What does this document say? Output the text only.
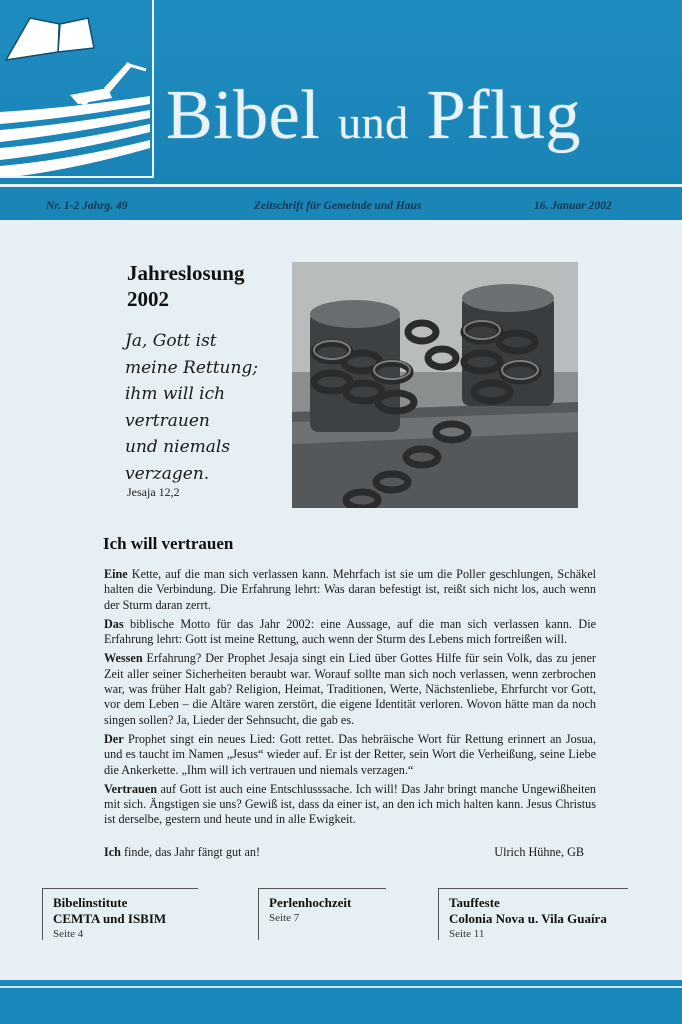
Bibel und Pflug
Nr. 1-2 Jahrg. 49	Zeitschrift für Gemeinde und Haus	16. Januar 2002
Jahreslosung
2002
Ja, Gott ist
meine Rettung;
ihm will ich
vertrauen
und niemals
verzagen.
Jesaja 12,2
Ich will vertrauen

Eine Kette, auf die man sich verlassen kann. Mehrfach ist sie um die Poller geschlungen, Schäkel halten die Verbindung. Die Erfahrung lehrt: Was daran befestigt ist, reißt sich nicht los, auch wenn der Sturm daran zerrt.

Das biblische Motto für das Jahr 2002: eine Aussage, auf die man sich verlassen kann. Die Erfahrung lehrt: Gott ist meine Rettung, auch wenn der Sturm des Lebens mich fortreißen will.

Wessen Erfahrung? Der Prophet Jesaja singt ein Lied über Gottes Hilfe für sein Volk, das zu jener Zeit aller seiner Sicherheiten beraubt war. Worauf sollte man sich noch verlassen, wenn zerbrochen war, was früher Halt gab? Religion, Heimat, Traditionen, Werte, Nächstenliebe, Ehrfurcht vor Gott, vor dem Leben – die Altäre waren zerstört, die eigene Identität verloren. Wovon hätte man da noch singen sollen? Ja, Lieder der Sehnsucht, die gab es.

Der Prophet singt ein neues Lied: Gott rettet. Das hebräische Wort für Rettung erinnert an Josua, und es taucht im Namen „Jesus“ wieder auf. Er ist der Retter, sein Wort die Verheißung, seine Liebe die Ankerkette. „Ihm will ich vertrauen und niemals verzagen.“

Vertrauen auf Gott ist auch eine Entschlusssache. Ich will! Das Jahr bringt manche Ungewißheiten mit sich. Ängstigen sie uns? Gewiß ist, dass da einer ist, an den ich mich halten kann. Jesus Christus ist derselbe, gestern und heute und in alle Ewigkeit.

Ich finde, das Jahr fängt gut an!	Ulrich Hühne, GB
Bibelinstitute
CEMTA und ISBIM
Seite 4
Perlenhochzeit
Seite 7
Tauffeste
Colonia Nova u. Vila Guaíra
Seite 11
